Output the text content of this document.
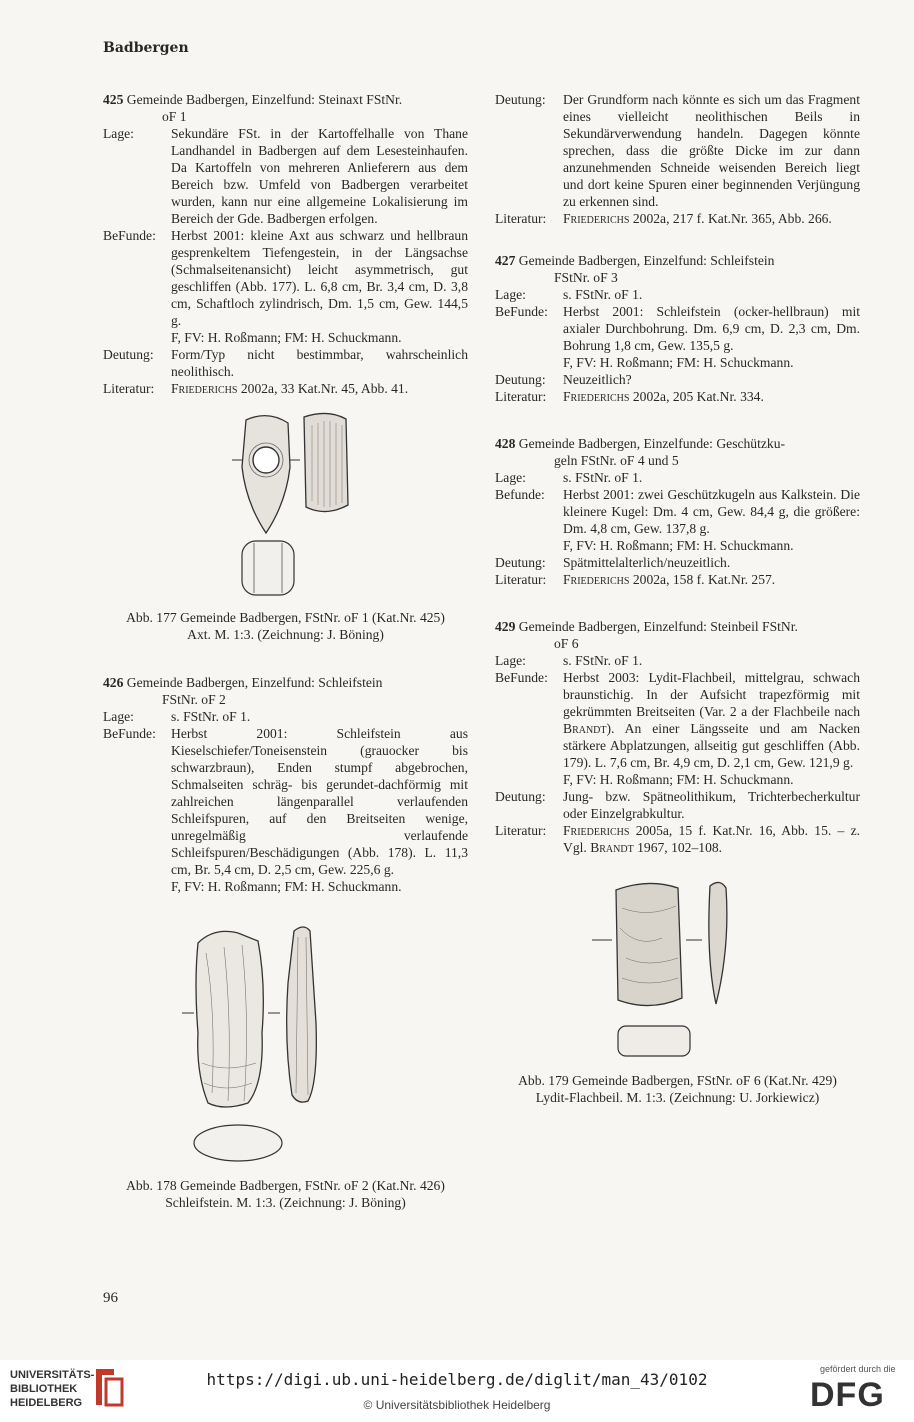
Badbergen
425 Gemeinde Badbergen, Einzelfund: Steinaxt FStNr.
oF 1
Lage:	Sekundäre FSt. in der Kartoffelhalle von Thane Landhandel in Badbergen auf dem Lesesteinhaufen. Da Kartoffeln von mehreren Anlieferern aus dem Bereich bzw. Umfeld von Badbergen verarbeitet wurden, kann nur eine allgemeine Lokalisierung im Bereich der Gde. Badbergen erfolgen.
BeFunde:	Herbst 2001: kleine Axt aus schwarz und hellbraun gesprenkeltem Tiefengestein, in der Längsachse (Schmalseitenansicht) leicht asymmetrisch, gut geschliffen (Abb. 177). L. 6,8 cm, Br. 3,4 cm, D. 3,8 cm, Schaftloch zylindrisch, Dm. 1,5 cm, Gew. 144,5 g.
F, FV: H. Roßmann; FM: H. Schuckmann.
Deutung:	Form/Typ nicht bestimmbar, wahrscheinlich neolithisch.
Literatur:	Friederichs 2002a, 33 Kat.Nr. 45, Abb. 41.
Abb. 177 Gemeinde Badbergen, FStNr. oF 1 (Kat.Nr. 425)
Axt. M. 1:3. (Zeichnung: J. Böning)
426 Gemeinde Badbergen, Einzelfund: Schleifstein
FStNr. oF 2
Lage:	s. FStNr. oF 1.
BeFunde:	Herbst 2001: Schleifstein aus Kieselschiefer/Toneisenstein (grauocker bis schwarzbraun), Enden stumpf abgebrochen, Schmalseiten schräg- bis gerundet-dachförmig mit zahlreichen längenparallel verlaufenden Schleifspuren, auf den Breitseiten wenige, unregelmäßig verlaufende Schleifspuren/Beschädigungen (Abb. 178). L. 11,3 cm, Br. 5,4 cm, D. 2,5 cm, Gew. 225,6 g.
F, FV: H. Roßmann; FM: H. Schuckmann.
Abb. 178 Gemeinde Badbergen, FStNr. oF 2 (Kat.Nr. 426)
Schleifstein. M. 1:3. (Zeichnung: J. Böning)
Deutung:	Der Grundform nach könnte es sich um das Fragment eines vielleicht neolithischen Beils in Sekundärverwendung handeln. Dagegen könnte sprechen, dass die größte Dicke im zur dann anzunehmenden Schneide weisenden Bereich liegt und dort keine Spuren einer beginnenden Verjüngung zu erkennen sind.
Literatur:	Friederichs 2002a, 217 f. Kat.Nr. 365, Abb. 266.
427 Gemeinde Badbergen, Einzelfund: Schleifstein
FStNr. oF 3
Lage:	s. FStNr. oF 1.
BeFunde:	Herbst 2001: Schleifstein (ocker-hellbraun) mit axialer Durchbohrung. Dm. 6,9 cm, D. 2,3 cm, Dm. Bohrung 1,8 cm, Gew. 135,5 g.
F, FV: H. Roßmann; FM: H. Schuckmann.
Deutung:	Neuzeitlich?
Literatur:	Friederichs 2002a, 205 Kat.Nr. 334.
428 Gemeinde Badbergen, Einzelfunde: Geschützku-
geln FStNr. oF 4 und 5
Lage:	s. FStNr. oF 1.
Befunde:	Herbst 2001: zwei Geschützkugeln aus Kalkstein. Die kleinere Kugel: Dm. 4 cm, Gew. 84,4 g, die größere: Dm. 4,8 cm, Gew. 137,8 g.
F, FV: H. Roßmann; FM: H. Schuckmann.
Deutung:	Spätmittelalterlich/neuzeitlich.
Literatur:	Friederichs 2002a, 158 f. Kat.Nr. 257.
429 Gemeinde Badbergen, Einzelfund: Steinbeil FStNr.
oF 6
Lage:	s. FStNr. oF 1.
BeFunde:	Herbst 2003: Lydit-Flachbeil, mittelgrau, schwach braunstichig. In der Aufsicht trapezförmig mit gekrümmten Breitseiten (Var. 2 a der Flachbeile nach Brandt). An einer Längsseite und am Nacken stärkere Abplatzungen, allseitig gut geschliffen (Abb. 179). L. 7,6 cm, Br. 4,9 cm, D. 2,1 cm, Gew. 121,9 g.
F, FV: H. Roßmann; FM: H. Schuckmann.
Deutung:	Jung- bzw. Spätneolithikum, Trichterbecherkultur oder Einzelgrabkultur.
Literatur:	Friederichs 2005a, 15 f. Kat.Nr. 16, Abb. 15. – z. Vgl. Brandt 1967, 102–108.
Abb. 179 Gemeinde Badbergen, FStNr. oF 6 (Kat.Nr. 429)
Lydit-Flachbeil. M. 1:3. (Zeichnung: U. Jorkiewicz)
96
UNIVERSITÄTS-
BIBLIOTHEK
HEIDELBERG
https://digi.ub.uni-heidelberg.de/diglit/man_43/0102
© Universitätsbibliothek Heidelberg
gefördert durch die
DFG
